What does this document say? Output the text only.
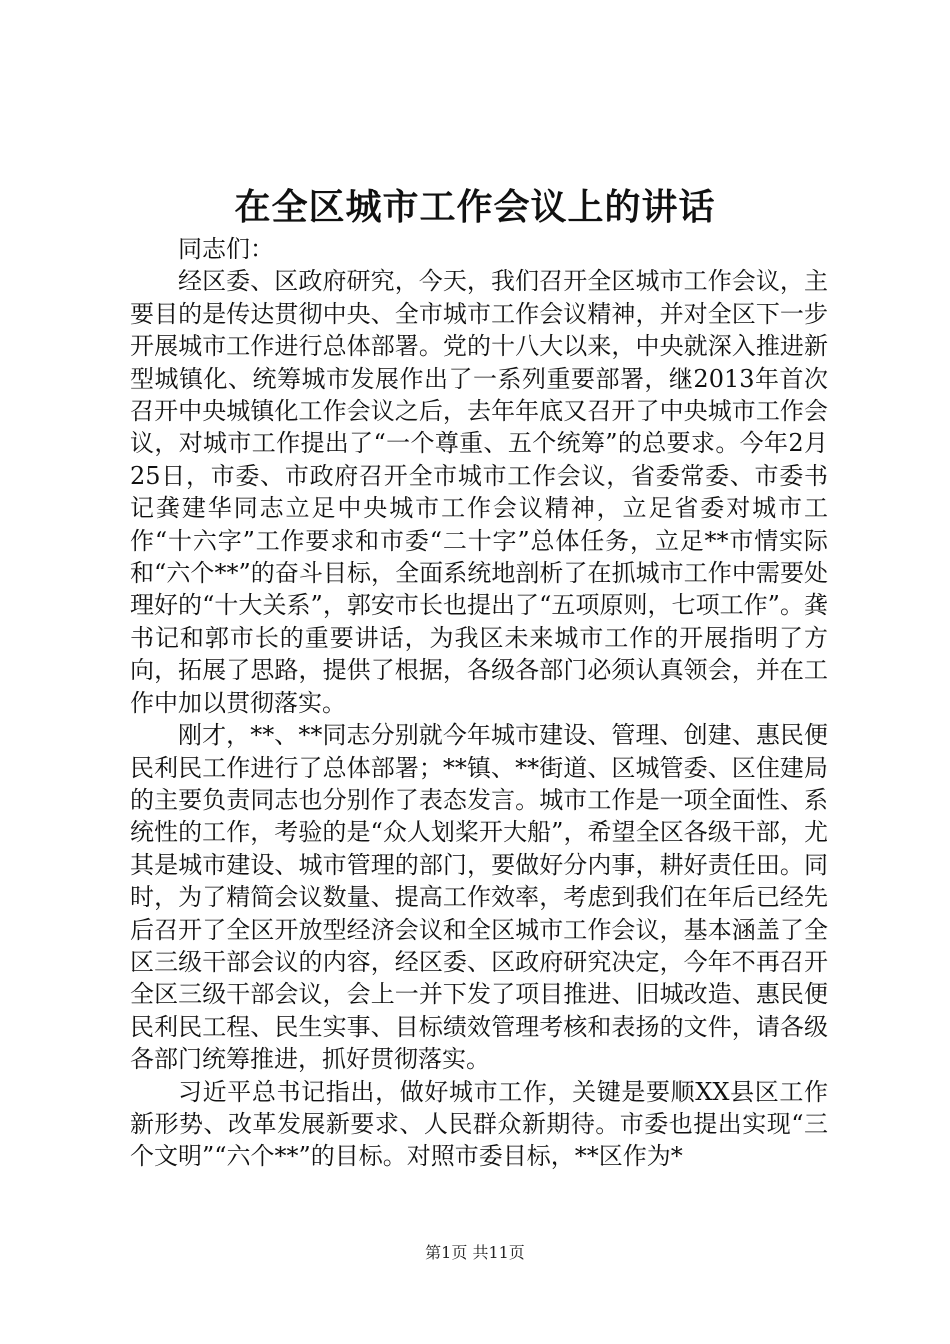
在全区城市工作会议上的讲话

同志们：

经区委、区政府研究，今天，我们召开全区城市工作会议，主要目的是传达贯彻中央、全市城市工作会议精神，并对全区下一步开展城市工作进行总体部署。党的十八大以来，中央就深入推进新型城镇化、统筹城市发展作出了一系列重要部署，继2013年首次召开中央城镇化工作会议之后，去年年底又召开了中央城市工作会议，对城市工作提出了“一个尊重、五个统筹”的总要求。今年2月25日，市委、市政府召开全市城市工作会议，省委常委、市委书记龚建华同志立足中央城市工作会议精神，立足省委对城市工作“十六字”工作要求和市委“二十字”总体任务，立足**市情实际和“六个**”的奋斗目标，全面系统地剖析了在抓城市工作中需要处理好的“十大关系”，郭安市长也提出了“五项原则，七项工作”。龚书记和郭市长的重要讲话，为我区未来城市工作的开展指明了方向，拓展了思路，提供了根据，各级各部门必须认真领会，并在工作中加以贯彻落实。

刚才，**、**同志分别就今年城市建设、管理、创建、惠民便民利民工作进行了总体部署；**镇、**街道、区城管委、区住建局的主要负责同志也分别作了表态发言。城市工作是一项全面性、系统性的工作，考验的是“众人划桨开大船”，希望全区各级干部，尤其是城市建设、城市管理的部门，要做好分内事，耕好责任田。同时，为了精简会议数量、提高工作效率，考虑到我们在年后已经先后召开了全区开放型经济会议和全区城市工作会议，基本涵盖了全区三级干部会议的内容，经区委、区政府研究决定，今年不再召开全区三级干部会议，会上一并下发了项目推进、旧城改造、惠民便民利民工程、民生实事、目标绩效管理考核和表扬的文件，请各级各部门统筹推进，抓好贯彻落实。

习近平总书记指出，做好城市工作，关键是要顺XX县区工作新形势、改革发展新要求、人民群众新期待。市委也提出实现“三个文明”“六个**”的目标。对照市委目标，**区作为*

第1页 共11页
